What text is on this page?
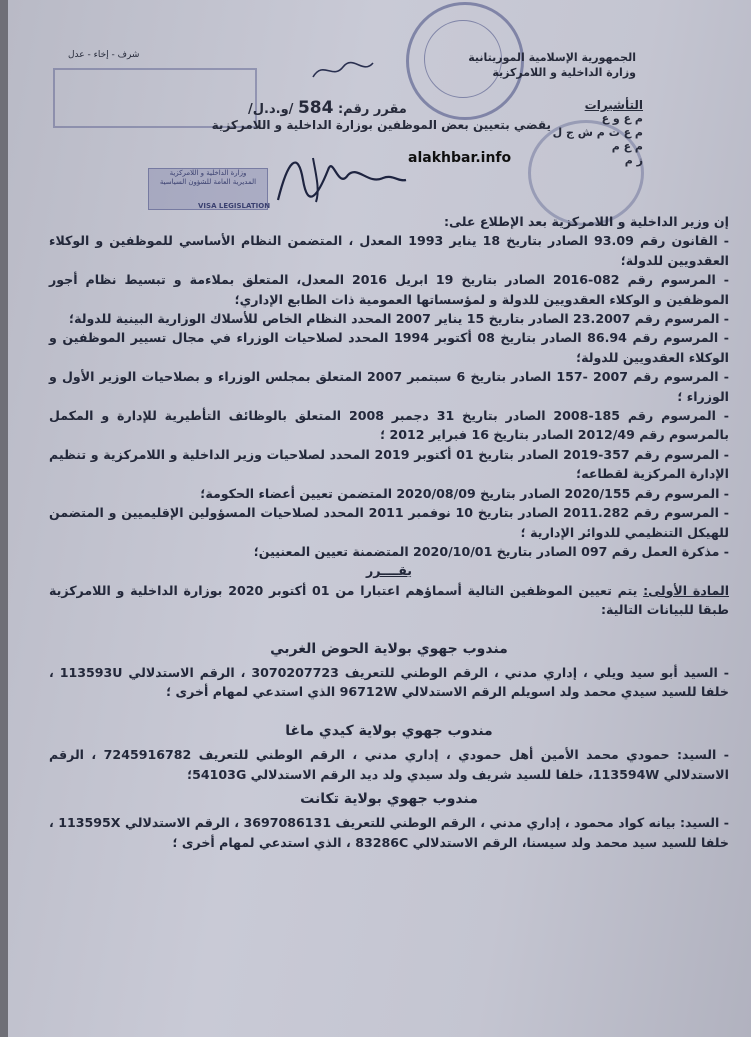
وزارة الداخلية و اللامركزية
المديرية العامة للشؤون السياسية
VISA LEGISLATION
الجمهورية الإسلامية الموريتانية
وزارة الداخلية و اللامركزية
شرف - إخاء - عدل
مقرر رقم: 584 /و.د.ل/
يقضي بتعيين بعض الموظفين بوزارة الداخلية و اللامركزية
التأشيرات
م ع و ع
م ع ت م ش ج ل
م ع م
ز م
alakhbar.info

إن وزير الداخلية و اللامركزية بعد الإطلاع على:

- القانون رقم 93.09 الصادر بتاريخ 18 يناير 1993 المعدل ، المتضمن النظام الأساسي للموظفين و الوكلاء العقدويين للدولة؛

- المرسوم رقم 082-2016 الصادر بتاريخ 19 ابريل 2016 المعدل، المتعلق بملاءمة و تبسيط نظام أجور الموظفين و الوكلاء العقدويين للدولة و لمؤسساتها العمومية ذات الطابع الإداري؛

- المرسوم رقم 23.2007 الصادر بتاريخ 15 يناير 2007 المحدد النظام الخاص للأسلاك الوزارية البينية للدولة؛

- المرسوم رقم 86.94 الصادر بتاريخ 08 أكتوبر 1994 المحدد لصلاحيات الوزراء في مجال تسيير الموظفين و الوكلاء العقدويين للدولة؛

- المرسوم رقم 2007 -157 الصادر بتاريخ 6 سبتمبر 2007 المتعلق بمجلس الوزراء و بصلاحيات الوزير الأول و الوزراء ؛

- المرسوم رقم 185-2008 الصادر بتاريخ 31 دجمبر 2008 المتعلق بالوظائف التأطيرية للإدارة و المكمل بالمرسوم رقم 2012/49 الصادر بتاريخ 16 فبراير 2012 ؛

- المرسوم رقم 357-2019 الصادر بتاريخ 01 أكتوبر 2019 المحدد لصلاحيات وزير الداخلية و اللامركزية و تنظيم الإدارة المركزية لقطاعه؛

- المرسوم رقم 2020/155 الصادر بتاريخ 2020/08/09 المتضمن تعيين أعضاء الحكومة؛

- المرسوم رقم 2011.282 الصادر بتاريخ 10 نوفمبر 2011 المحدد لصلاحيات المسؤولين الإقليميين و المتضمن للهيكل التنظيمي للدوائر الإدارية ؛

- مذكرة العمل رقم 097 الصادر بتاريخ 2020/10/01 المتضمنة تعيين المعنيين؛

يقــــرر

المادة الأولى: يتم تعيين الموظفين التالية أسماؤهم اعتبارا من 01 أكتوبر 2020 بوزارة الداخلية و اللامركزية طبقا للبيانات التالية:

مندوب جهوي بولاية الحوض الغربي

- السيد أبو سيد ويلي ، إداري مدني ، الرقم الوطني للتعريف 3070207723 ، الرقم الاستدلالي 113593U ، خلفا للسيد سيدي محمد ولد اسويلم الرقم الاستدلالي 96712W الذي استدعي لمهام أخرى ؛

مندوب جهوي بولاية كيدي ماغا

- السيد: حمودي محمد الأمين أهل حمودي ، إداري مدني ، الرقم الوطني للتعريف 7245916782 ، الرقم الاستدلالي 113594W، خلفا للسيد شريف ولد سيدي ولد ديد الرقم الاستدلالي 54103G؛

مندوب جهوي بولاية تكانت

- السيد: بيانه كواد محمود ، إداري مدني ، الرقم الوطني للتعريف 3697086131 ، الرقم الاستدلالي 113595X ، خلفا للسيد سيد محمد ولد سيسنا، الرقم الاستدلالي 83286C ، الذي استدعي لمهام أخرى ؛
